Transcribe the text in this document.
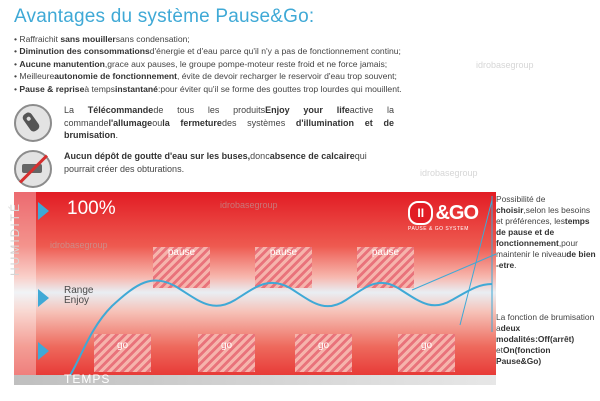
Avantages du système Pause&Go:
• Raffraichit sans mouillersans condensation;
• Diminution des consommationsd'énergie et d'eau parce qu'il n'y a pas de fonctionnement continu;
• Aucune manutention,grace aux pauses, le groupe pompe-moteur reste froid et ne force jamais;
• Meilleureautonomie de fonctionnement, évite de devoir recharger le reservoir d'eau trop souvent;
• Pause & repriseà tempsinstantané:pour éviter qu'il se forme des gouttes trop lourdes qui mouillent.
La Télécommandede tous les produitsEnjoy your lifeactive la commandel'allumageoula fermeturedes systèmes d'illumination et de brumisation.
Aucun dépôt de goutte d'eau sur les buses,doncabsence de calcairequi pourrait créer des obturations.
HUMIDITÉ 100%	II &GO
PAUSE & GO SYSTEM
pause	pause	pause
go	go	go	go
Range
Enjoy
TEMPS
Possibilité de choisir,selon les besoins et préférences, lestemps de pause et de fonctionnement,pour maintenir le niveaude bien -etre.
La fonction de brumisation adeux modalités:Off(arrêt) etOn(fonction Pause&Go)
idrobasegroup
idrobasegroup
idrobasegroup
idrobasegroup
